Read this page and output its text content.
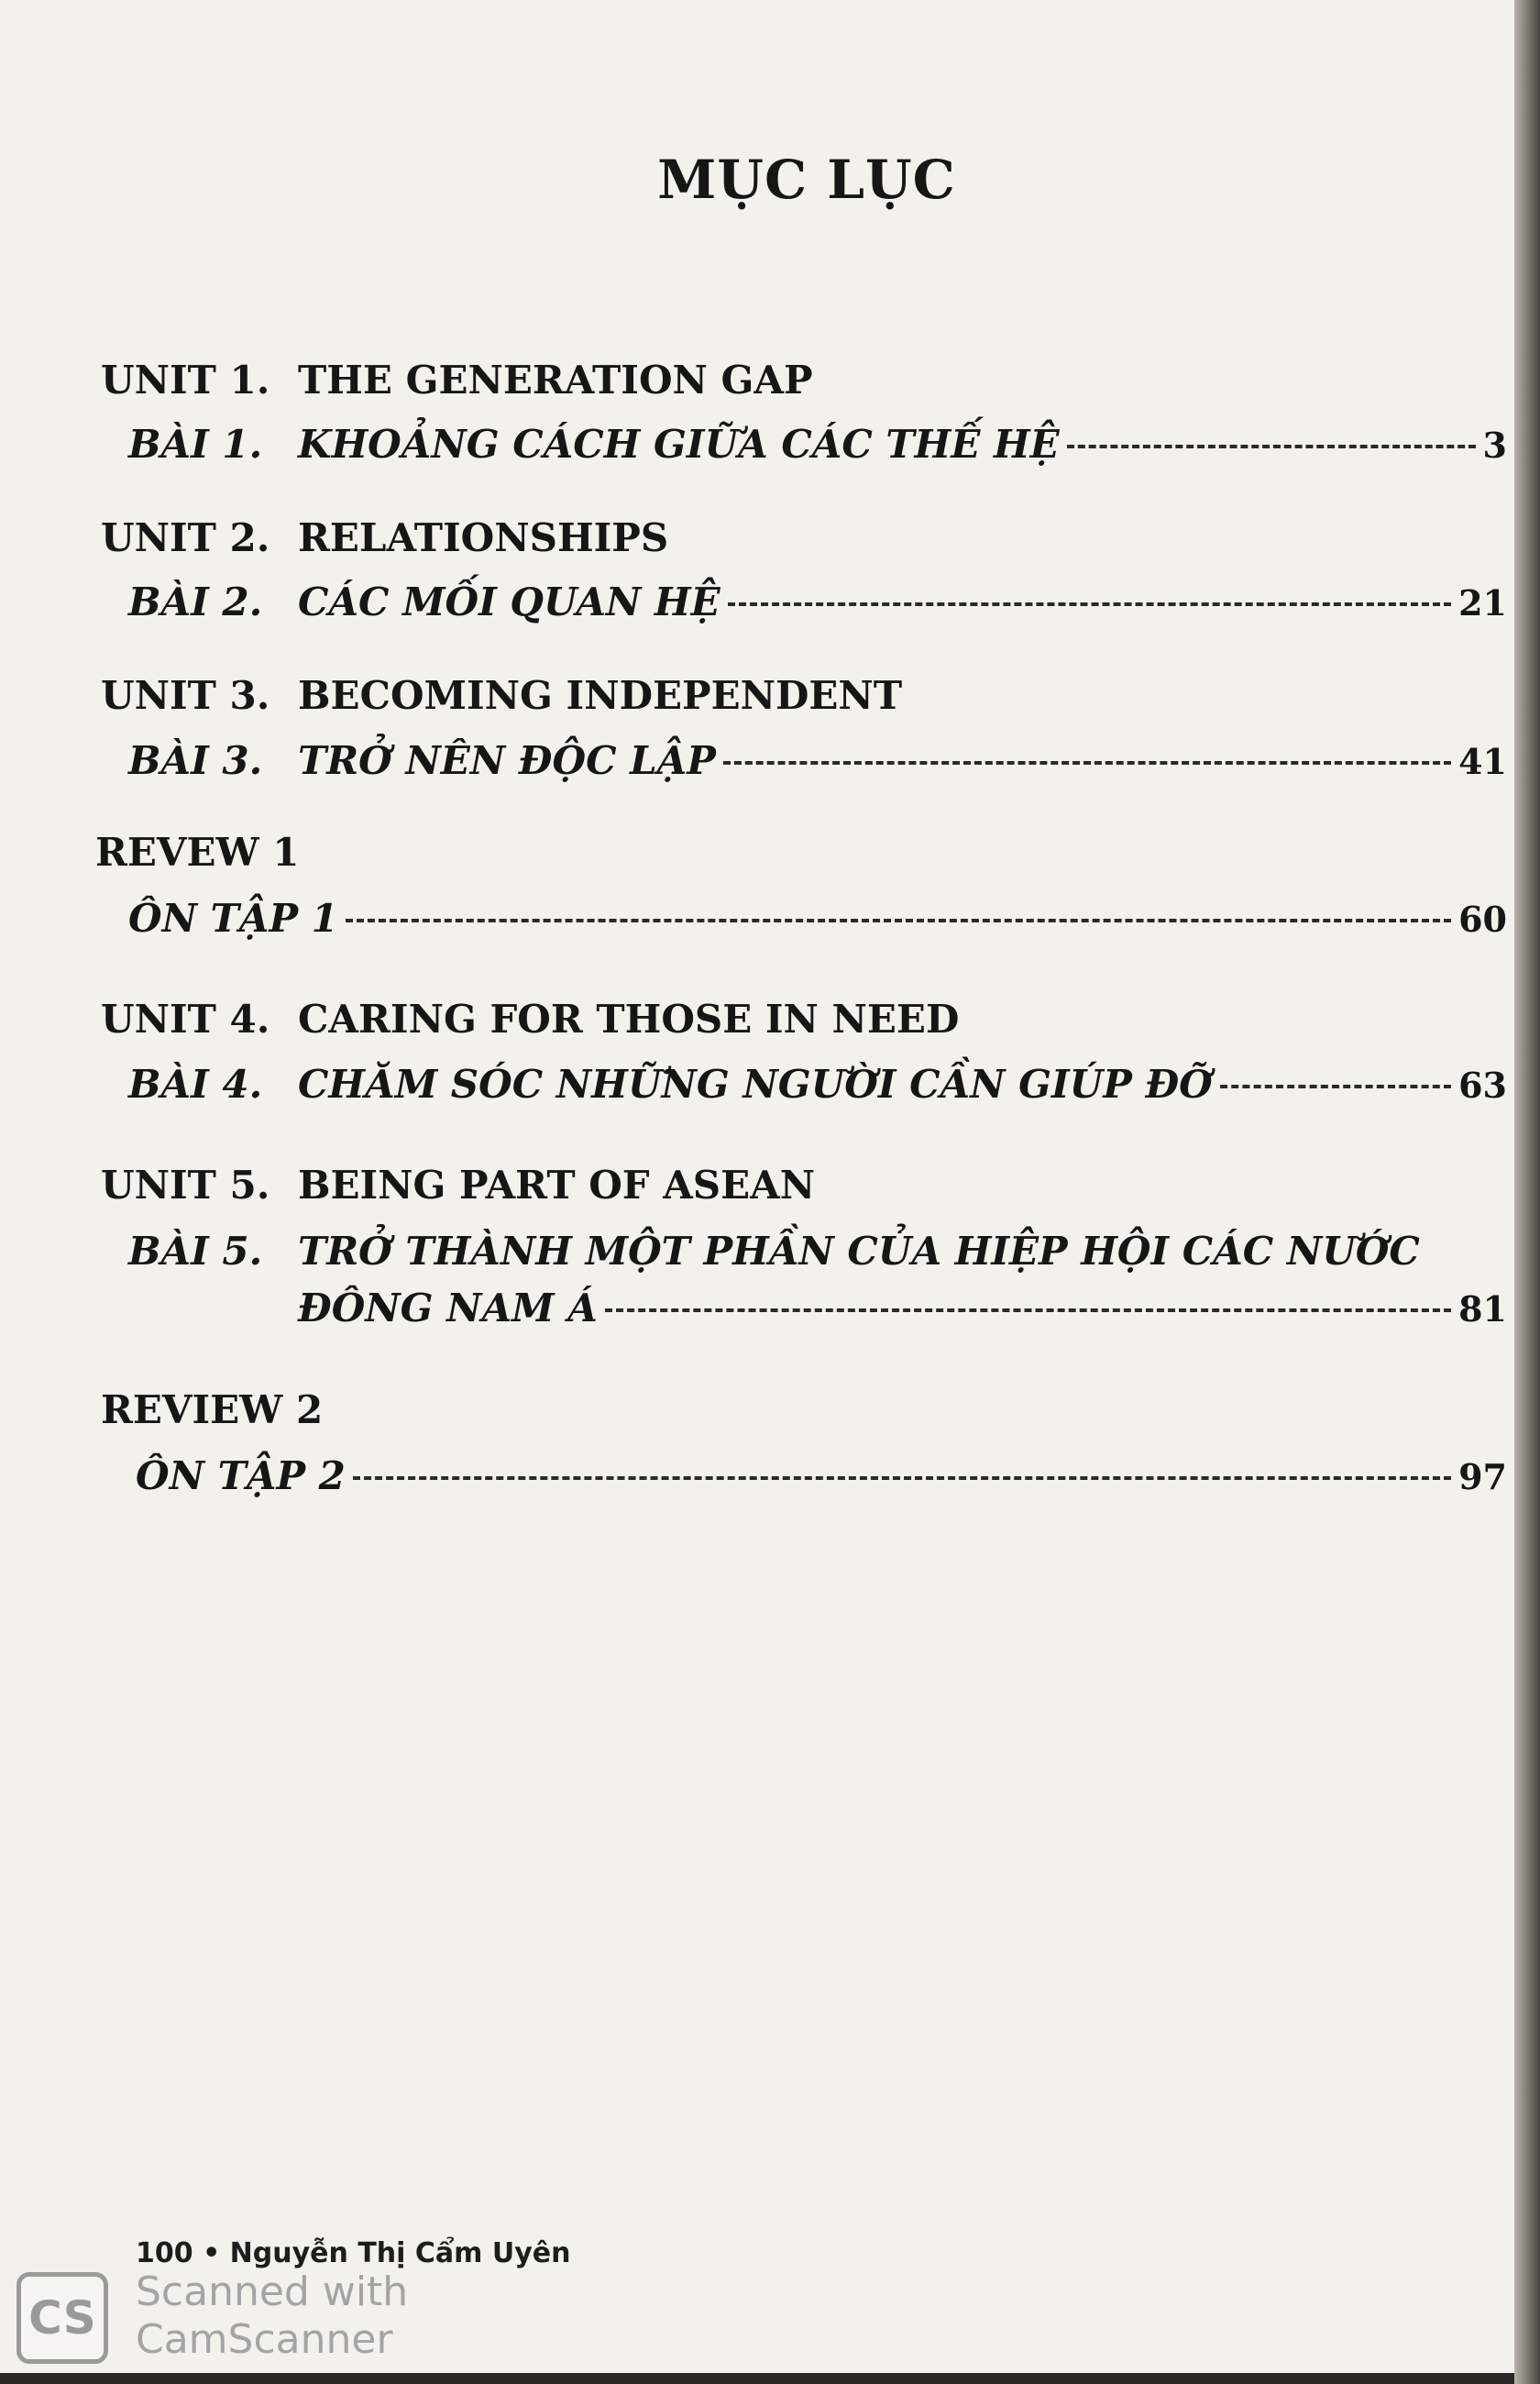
MỤC LỤC
UNIT 1. THE GENERATION GAP
BÀI 1. KHOẢNG CÁCH GIỮA CÁC THẾ HỆ	3
UNIT 2. RELATIONSHIPS
BÀI 2. CÁC MỐI QUAN HỆ	21
UNIT 3. BECOMING INDEPENDENT
BÀI 3. TRỞ NÊN ĐỘC LẬP	41
REVEW 1
ÔN TẬP 1	60
UNIT 4. CARING FOR THOSE IN NEED
BÀI 4. CHĂM SÓC NHỮNG NGƯỜI CẦN GIÚP ĐỠ	63
UNIT 5. BEING PART OF ASEAN
BÀI 5. TRỞ THÀNH MỘT PHẦN CỦA HIỆP HỘI CÁC NƯỚC
ĐÔNG NAM Á	81
REVIEW 2
ÔN TẬP 2	97
100 • Nguyễn Thị Cẩm Uyên
CS Scanned with
CamScanner
